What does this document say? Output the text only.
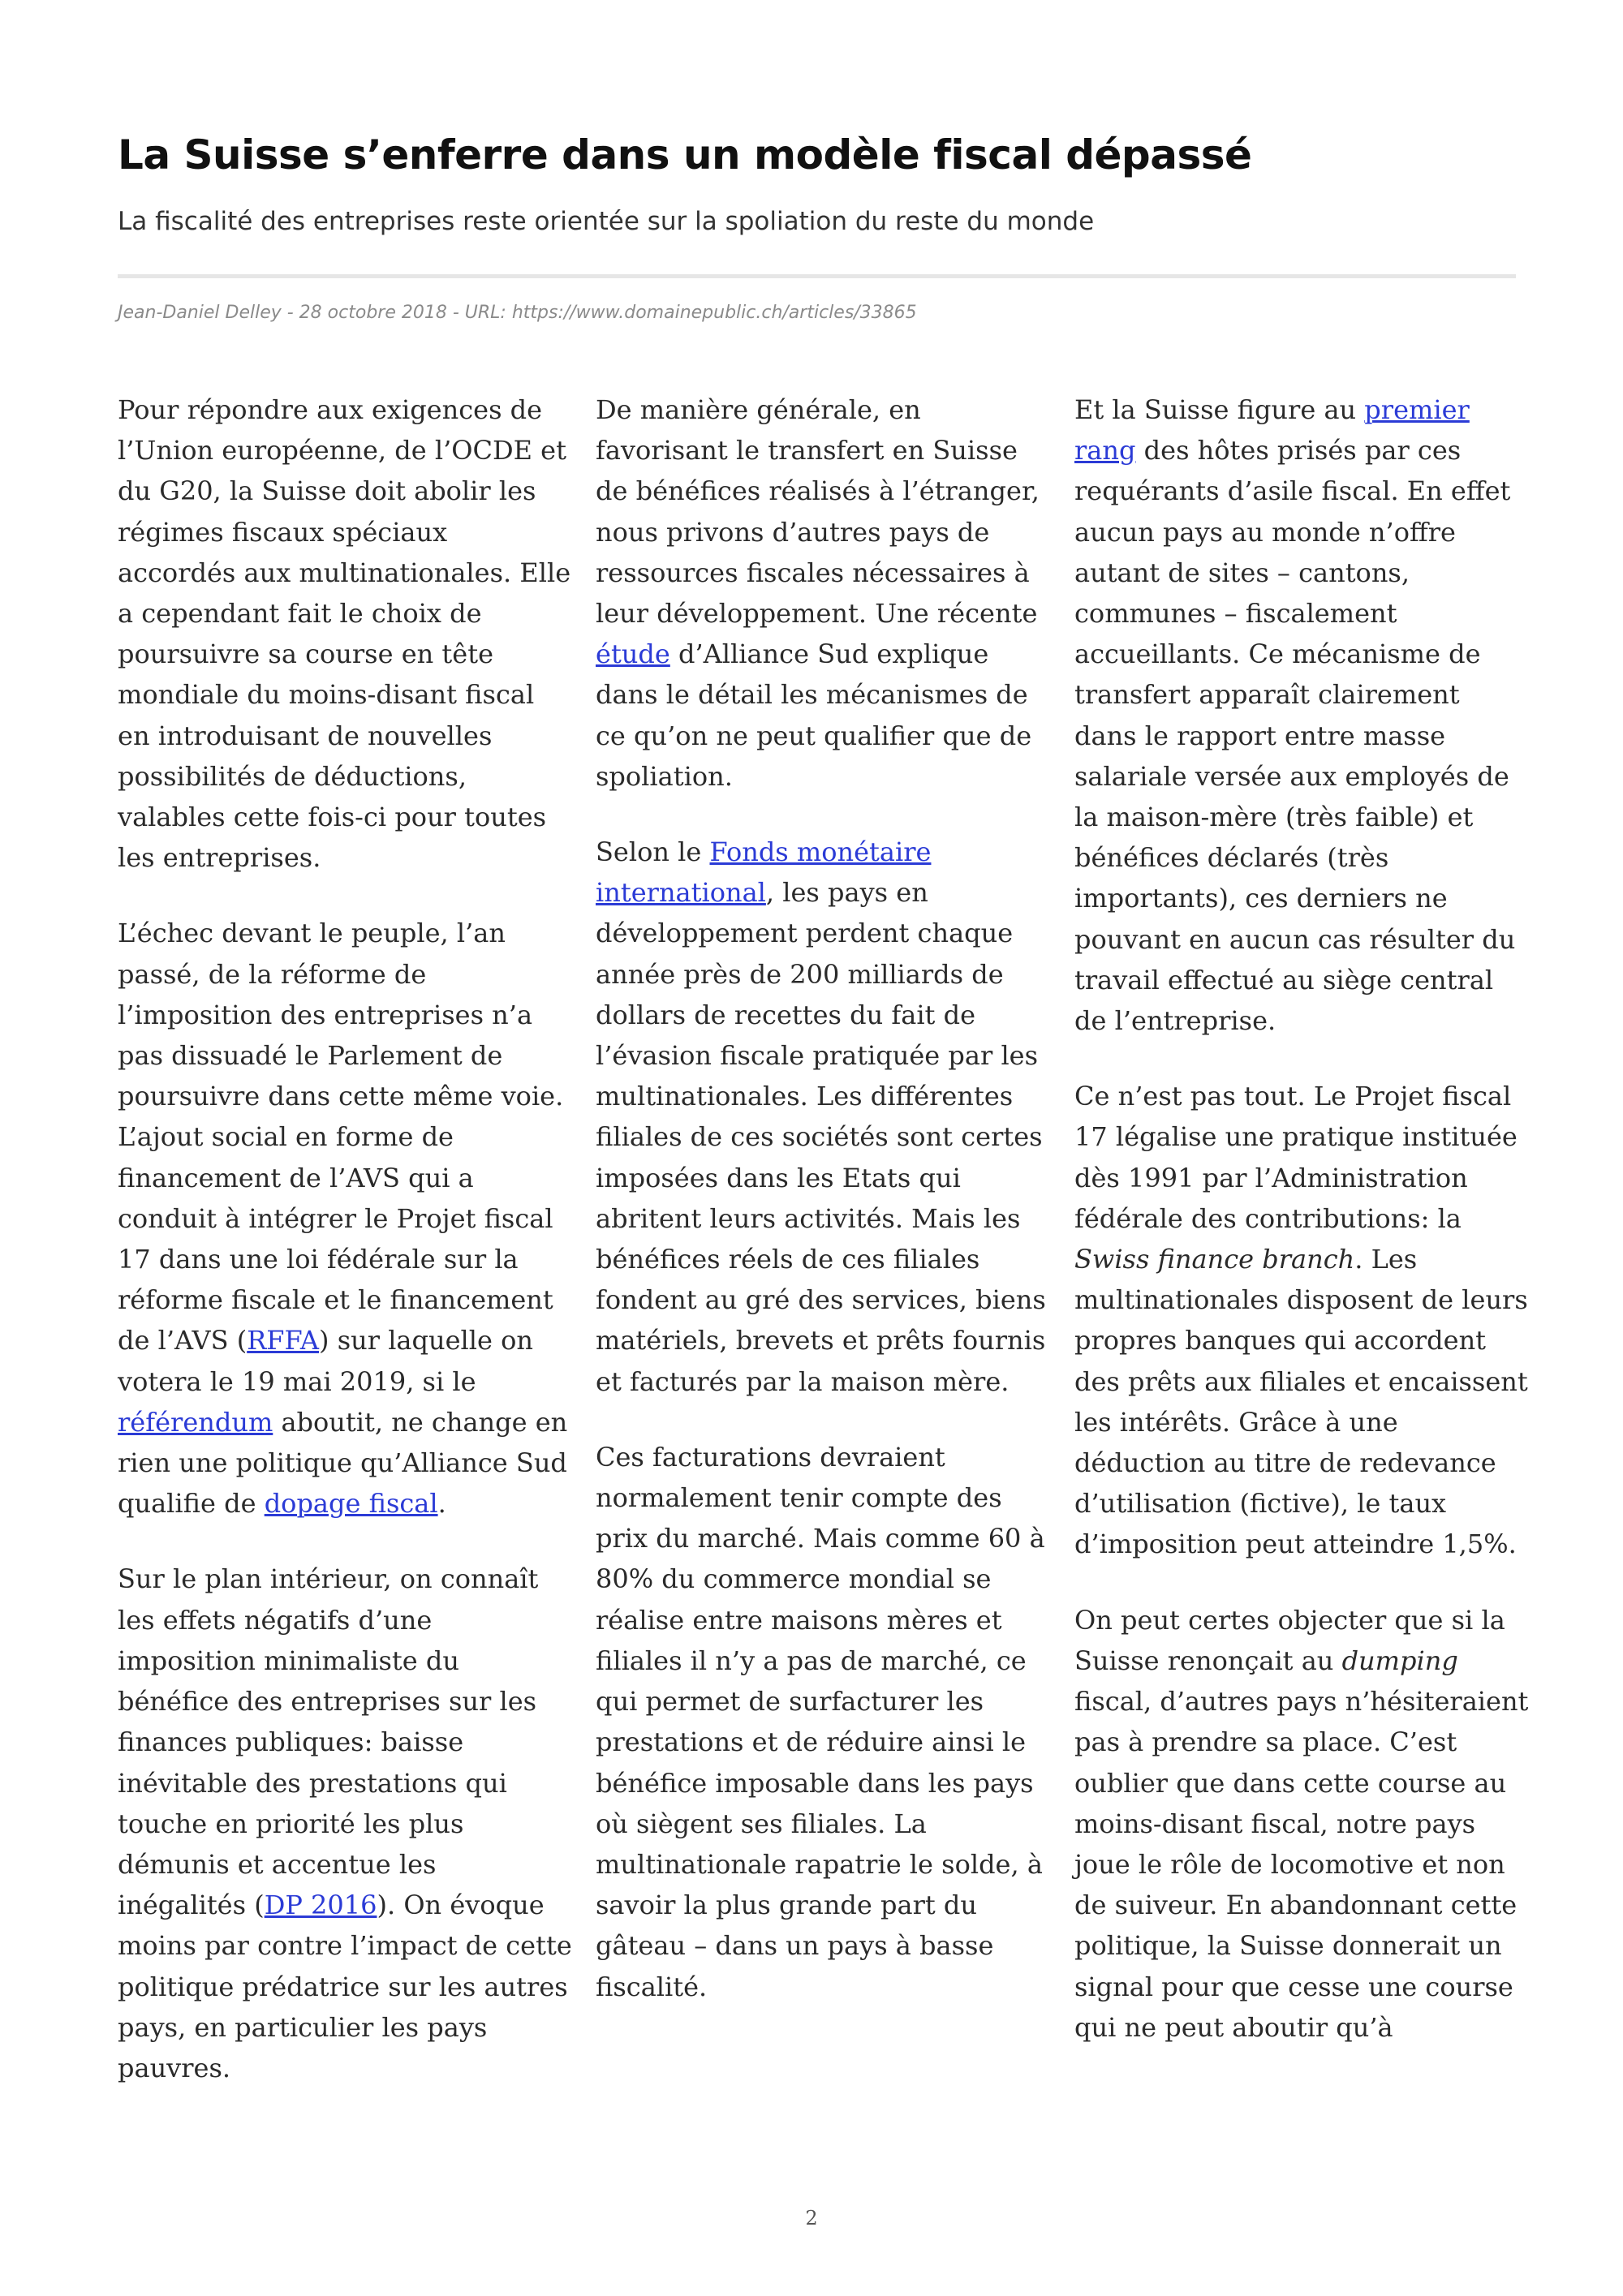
La Suisse s’enferre dans un modèle fiscal dépassé

La fiscalité des entreprises reste orientée sur la spoliation du reste du monde

Jean-Daniel Delley - 28 octobre 2018 - URL: https://www.domainepublic.ch/articles/33865

Pour répondre aux exigences de l’Union européenne, de l’OCDE et du G20, la Suisse doit abolir les régimes fiscaux spéciaux accordés aux multinationales. Elle a cependant fait le choix de poursuivre sa course en tête mondiale du moins-disant fiscal en introduisant de nouvelles possibilités de déductions, valables cette fois-ci pour toutes les entreprises.

L’échec devant le peuple, l’an passé, de la réforme de l’imposition des entreprises n’a pas dissuadé le Parlement de poursuivre dans cette même voie. L’ajout social en forme de financement de l’AVS qui a conduit à intégrer le Projet fiscal 17 dans une loi fédérale sur la réforme fiscale et le financement de l’AVS (RFFA) sur laquelle on votera le 19 mai 2019, si le référendum aboutit, ne change en rien une politique qu’Alliance Sud qualifie de dopage fiscal.

Sur le plan intérieur, on connaît les effets négatifs d’une imposition minimaliste du bénéfice des entreprises sur les finances publiques: baisse inévitable des prestations qui touche en priorité les plus démunis et accentue les inégalités (DP 2016). On évoque moins par contre l’impact de cette politique prédatrice sur les autres pays, en particulier les pays pauvres.

De manière générale, en favorisant le transfert en Suisse de bénéfices réalisés à l’étranger, nous privons d’autres pays de ressources fiscales nécessaires à leur développement. Une récente étude d’Alliance Sud explique dans le détail les mécanismes de ce qu’on ne peut qualifier que de spoliation.

Selon le Fonds monétaire international, les pays en développement perdent chaque année près de 200 milliards de dollars de recettes du fait de l’évasion fiscale pratiquée par les multinationales. Les différentes filiales de ces sociétés sont certes imposées dans les Etats qui abritent leurs activités. Mais les bénéfices réels de ces filiales fondent au gré des services, biens matériels, brevets et prêts fournis et facturés par la maison mère.

Ces facturations devraient normalement tenir compte des prix du marché. Mais comme 60 à 80% du commerce mondial se réalise entre maisons mères et filiales il n’y a pas de marché, ce qui permet de surfacturer les prestations et de réduire ainsi le bénéfice imposable dans les pays où siègent ses filiales. La multinationale rapatrie le solde, à savoir la plus grande part du gâteau – dans un pays à basse fiscalité.

Et la Suisse figure au premier rang des hôtes prisés par ces requérants d’asile fiscal. En effet aucun pays au monde n’offre autant de sites – cantons, communes – fiscalement accueillants. Ce mécanisme de transfert apparaît clairement dans le rapport entre masse salariale versée aux employés de la maison-mère (très faible) et bénéfices déclarés (très importants), ces derniers ne pouvant en aucun cas résulter du travail effectué au siège central de l’entreprise.

Ce n’est pas tout. Le Projet fiscal 17 légalise une pratique instituée dès 1991 par l’Administration fédérale des contributions: la Swiss finance branch. Les multinationales disposent de leurs propres banques qui accordent des prêts aux filiales et encaissent les intérêts. Grâce à une déduction au titre de redevance d’utilisation (fictive), le taux d’imposition peut atteindre 1,5%.

On peut certes objecter que si la Suisse renonçait au dumping fiscal, d’autres pays n’hésiteraient pas à prendre sa place. C’est oublier que dans cette course au moins-disant fiscal, notre pays joue le rôle de locomotive et non de suiveur. En abandonnant cette politique, la Suisse donnerait un signal pour que cesse une course qui ne peut aboutir qu’à

2
